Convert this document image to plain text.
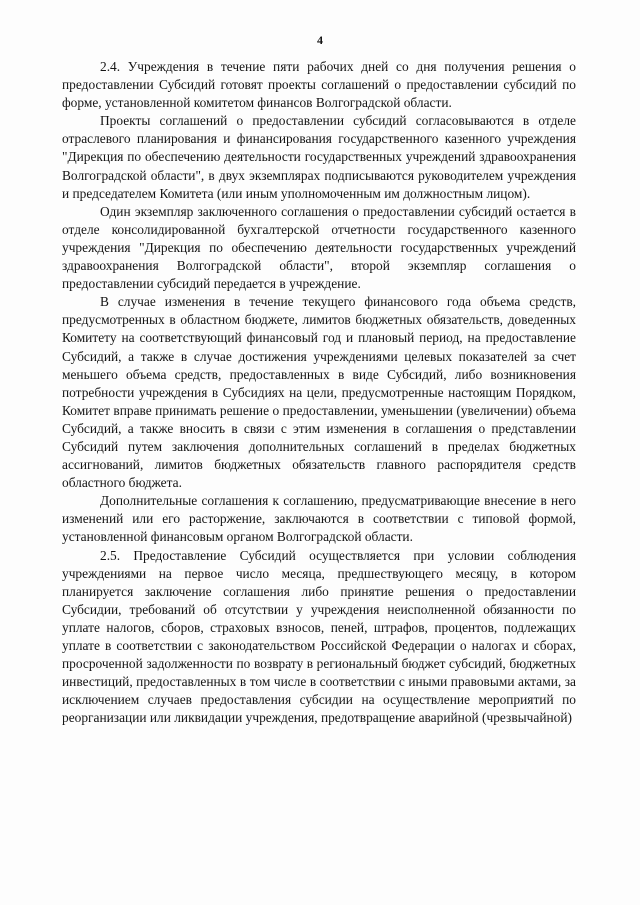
4

2.4. Учреждения в течение пяти рабочих дней со дня получения решения о предоставлении Субсидий готовят проекты соглашений о предоставлении субсидий по форме, установленной комитетом финансов Волгоградской области.

Проекты соглашений о предоставлении субсидий согласовываются в отделе отраслевого планирования и финансирования государственного казенного учреждения "Дирекция по обеспечению деятельности государственных учреждений здравоохранения Волгоградской области", в двух экземплярах подписываются руководителем учреждения и председателем Комитета (или иным уполномоченным им должностным лицом).

Один экземпляр заключенного соглашения о предоставлении субсидий остается в отделе консолидированной бухгалтерской отчетности государственного казенного учреждения "Дирекция по обеспечению деятельности государственных учреждений здравоохранения Волгоградской области", второй экземпляр соглашения о предоставлении субсидий передается в учреждение.

В случае изменения в течение текущего финансового года объема средств, предусмотренных в областном бюджете, лимитов бюджетных обязательств, доведенных Комитету на соответствующий финансовый год и плановый период, на предоставление Субсидий, а также в случае достижения учреждениями целевых показателей за счет меньшего объема средств, предоставленных в виде Субсидий, либо возникновения потребности учреждения в Субсидиях на цели, предусмотренные настоящим Порядком, Комитет вправе принимать решение о предоставлении, уменьшении (увеличении) объема Субсидий, а также вносить в связи с этим изменения в соглашения о представлении Субсидий путем заключения дополнительных соглашений в пределах бюджетных ассигнований, лимитов бюджетных обязательств главного распорядителя средств областного бюджета.

Дополнительные соглашения к соглашению, предусматривающие внесение в него изменений или его расторжение, заключаются в соответствии с типовой формой, установленной финансовым органом Волгоградской области.

2.5. Предоставление Субсидий осуществляется при условии соблюдения учреждениями на первое число месяца, предшествующего месяцу, в котором планируется заключение соглашения либо принятие решения о предоставлении Субсидии, требований об отсутствии у учреждения неисполненной обязанности по уплате налогов, сборов, страховых взносов, пеней, штрафов, процентов, подлежащих уплате в соответствии с законодательством Российской Федерации о налогах и сборах, просроченной задолженности по возврату в региональный бюджет субсидий, бюджетных инвестиций, предоставленных в том числе в соответствии с иными правовыми актами, за исключением случаев предоставления субсидии на осуществление мероприятий по реорганизации или ликвидации учреждения, предотвращение аварийной (чрезвычайной)
